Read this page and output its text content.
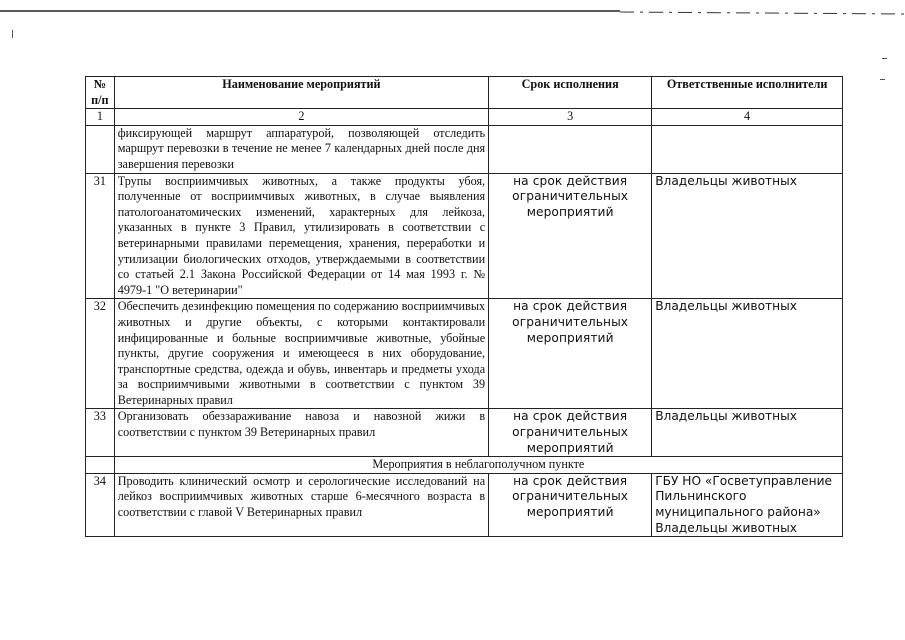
№ п/п	Наименование мероприятий	Срок исполнения	Ответственные исполнители
1	2	3	4
	фиксирующей маршрут аппаратурой, позволяющей отследить маршрут перевозки в течение не менее 7 календарных дней после дня завершения перевозки		
31	Трупы восприимчивых животных, а также продукты убоя, полученные от восприимчивых животных, в случае выявления патологоанатомических изменений, характерных для лейкоза, указанных в пункте 3 Правил, утилизировать в соответствии с ветеринарными правилами перемещения, хранения, переработки и утилизации биологических отходов, утверждаемыми в соответствии со статьей 2.1 Закона Российской Федерации от 14 мая 1993 г. № 4979-1 "О ветеринарии"	на срок действия ограничительных мероприятий	Владельцы животных
32	Обеспечить дезинфекцию помещения по содержанию восприимчивых животных и другие объекты, с которыми контактировали инфицированные и больные восприимчивые животные, убойные пункты, другие сооружения и имеющееся в них оборудование, транспортные средства, одежда и обувь, инвентарь и предметы ухода за восприимчивыми животными в соответствии с пунктом 39 Ветеринарных правил	на срок действия ограничительных мероприятий	Владельцы животных
33	Организовать обеззараживание навоза и навозной жижи в соответствии с пунктом 39 Ветеринарных правил	на срок действия ограничительных мероприятий	Владельцы животных
	Мероприятия в неблагополучном пункте		
34	Проводить клинический осмотр и серологические исследований на лейкоз восприимчивых животных старше 6-месячного возраста в соответствии с главой V Ветеринарных правил	на срок действия ограничительных мероприятий	ГБУ НО «Госветуправление Пильнинского муниципального района»
Владельцы животных
